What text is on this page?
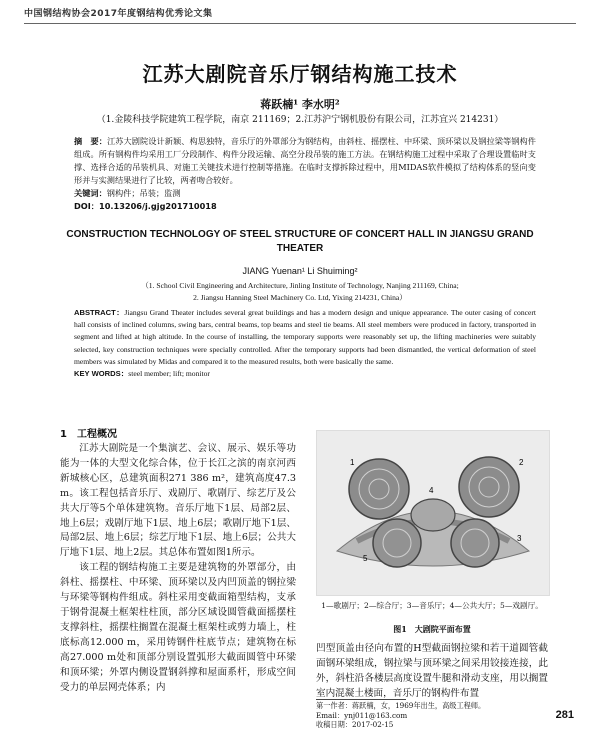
中国钢结构协会2017年度钢结构优秀论文集
江苏大剧院音乐厅钢结构施工技术
蒋跃楠¹ 李水明²
（1.金陵科技学院建筑工程学院，南京 211169；2.江苏沪宁钢机股份有限公司，江苏宜兴 214231）
摘　要：江苏大剧院设计新颖、构思独特，音乐厅的外罩部分为钢结构，由斜柱、摇摆柱、中环梁、顶环梁以及钢拉梁等钢构件组成。所有钢构件均采用工厂分段制作、构件分段运输、高空分段吊装的施工方法。在钢结构施工过程中采取了合理设置临时支撑、选择合适的吊装机具、对施工关键技术进行控制等措施。在临时支撑拆除过程中，用MIDAS软件模拟了结构体系的竖向变形并与实测结果进行了比较，两者吻合较好。
关键词：钢构件；吊装；监测
DOI：10.13206/j.gjg201710018
CONSTRUCTION TECHNOLOGY OF STEEL STRUCTURE OF CONCERT HALL IN JIANGSU GRAND THEATER
JIANG Yuenan¹ Li Shuiming²
（1. School Civil Engineering and Architecture, Jinling Institute of Technology, Nanjing 211169, China;
2. Jiangsu Hanning Steel Machinery Co. Ltd, Yixing 214231, China）
ABSTRACT：Jiangsu Grand Theater includes several great buildings and has a modern design and unique appearance. The outer casing of concert hall consists of inclined columns, swing bars, central beams, top beams and steel tie beams. All steel members were produced in factory, transported in segment and lifted at high altitude. In the course of installing, the temporary supports were reasonably set up, the lifting machineries were suitably selected, key construction techniques were specially controlled. After the temporary supports had been dismantled, the vertical deformation of steel members was simulated by Midas and compared it to the measured results, both were basically the same.
KEY WORDS：steel member; lift; monitor
1　工程概况

江苏大剧院是一个集演艺、会议、展示、娱乐等功能为一体的大型文化综合体，位于长江之滨的南京河西新城核心区，总建筑面积271 386 m²，建筑高度47.3 m。该工程包括音乐厅、戏剧厅、歌剧厅、综艺厅及公共大厅等5个单体建筑物。音乐厅地下1层、局部2层、地上6层；戏剧厅地下1层、地上6层；歌剧厅地下1层、局部2层、地上6层；综艺厅地下1层、地上6层；公共大厅地下1层、地上2层。其总体布置如图1所示。

该工程的钢结构施工主要是建筑物的外罩部分，由斜柱、摇摆柱、中环梁、顶环梁以及内凹顶盖的钢拉梁与环梁等钢构件组成。斜柱采用变截面箱型结构，支承于钢骨混凝土框架柱柱顶，部分区域设圆管截面摇摆柱支撑斜柱，摇摆柱搁置在混凝土框架柱或剪力墙上，柱底标高12.000 m，采用铸钢件柱底节点；建筑物在标高27.000 m处和顶部分别设置弧形大截面圆管中环梁和顶环梁；外罩内侧设置钢斜撑和屋面系杆，形成空间受力的单层网壳体系；内

1	2
3
4
5
1—歌剧厅；2—综合厅；3—音乐厅；4—公共大厅；5—戏剧厅。
图1　大剧院平面布置

凹型顶盖由径向布置的H型截面钢拉梁和若干道圆管截面钢环梁组成，钢拉梁与顶环梁之间采用铰接连接，此外，斜柱沿各楼层高度设置牛腿和滑动支座，用以搁置室内混凝土楼面，音乐厅的钢构件布置

第一作者：蒋跃楠，女，1969年出生，高级工程师。
Email：ynj011@163.com
收稿日期：2017-02-15
281
